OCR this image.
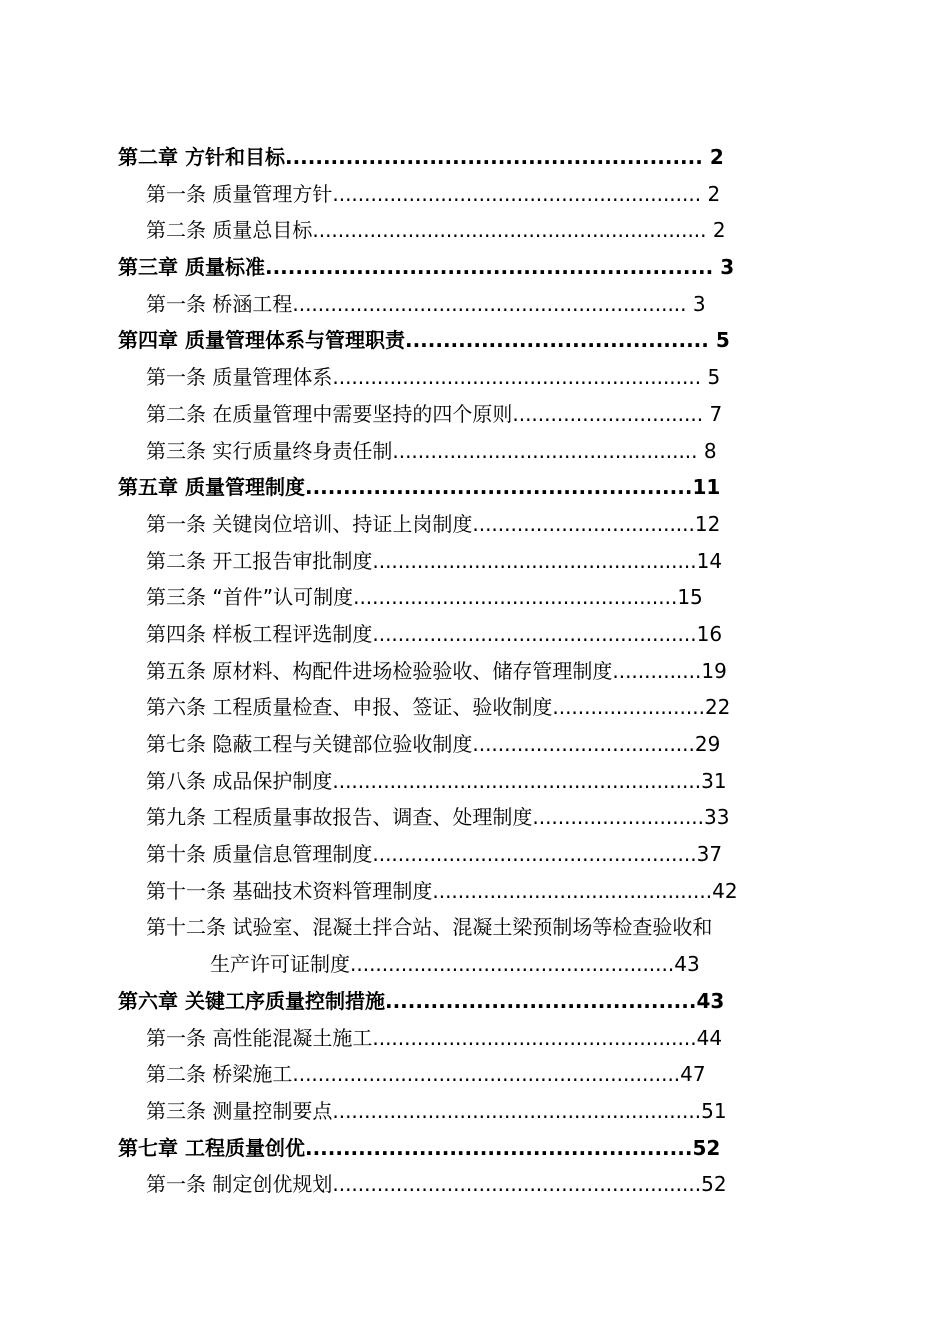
第二章 方针和目标....................................................... 2
第一条 质量管理方针.......................................................... 2
第二条 质量总目标.............................................................. 2
第三章 质量标准........................................................... 3
第一条 桥涵工程.............................................................. 3
第四章 质量管理体系与管理职责........................................ 5
第一条 质量管理体系.......................................................... 5
第二条 在质量管理中需要坚持的四个原则.............................. 7
第三条 实行质量终身责任制................................................ 8
第五章 质量管理制度...................................................11
第一条 关键岗位培训、持证上岗制度...................................12
第二条 开工报告审批制度...................................................14
第三条 “首件”认可制度...................................................15
第四条 样板工程评选制度...................................................16
第五条 原材料、构配件进场检验验收、储存管理制度..............19
第六条 工程质量检查、申报、签证、验收制度........................22
第七条 隐蔽工程与关键部位验收制度...................................29
第八条 成品保护制度..........................................................31
第九条 工程质量事故报告、调查、处理制度...........................33
第十条 质量信息管理制度...................................................37
第十一条 基础技术资料管理制度............................................42
第十二条 试验室、混凝土拌合站、混凝土梁预制场等检查验收和
生产许可证制度...................................................43
第六章 关键工序质量控制措施.........................................43
第一条 高性能混凝土施工...................................................44
第二条 桥梁施工.............................................................47
第三条 测量控制要点..........................................................51
第七章 工程质量创优...................................................52
第一条 制定创优规划..........................................................52
